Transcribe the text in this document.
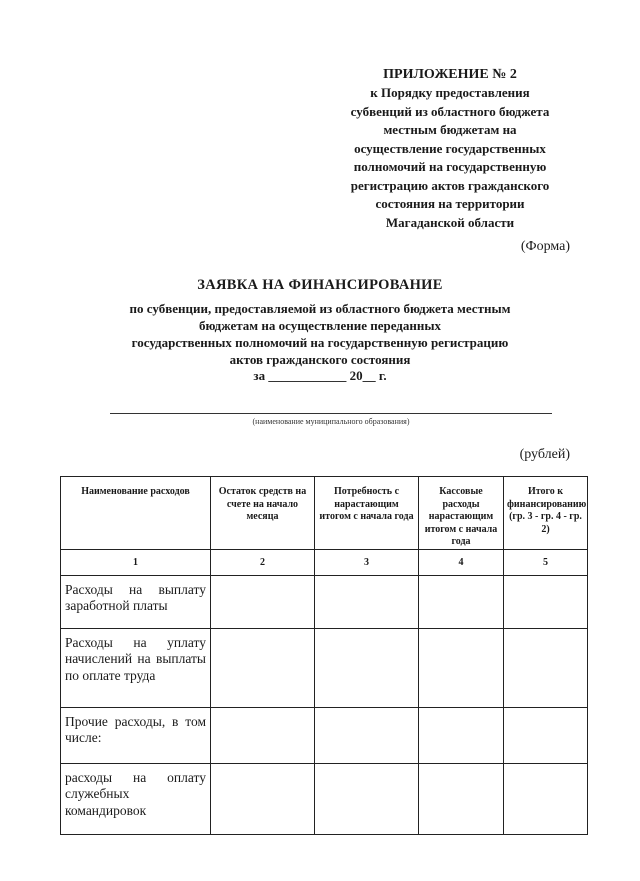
ПРИЛОЖЕНИЕ № 2
к Порядку предоставления
субвенций из областного бюджета
местным бюджетам на
осуществление государственных
полномочий на государственную
регистрацию актов гражданского
состояния на территории
Магаданской области
(Форма)
ЗАЯВКА НА ФИНАНСИРОВАНИЕ
по субвенции, предоставляемой из областного бюджета местным
бюджетам на осуществление переданных
государственных полномочий на государственную регистрацию
актов гражданского состояния
за ____________ 20__ г.
(наименование муниципального образования)
(рублей)
Наименование расходов	Остаток средств на счете на начало месяца	Потребность с нарастающим итогом с начала года	Кассовые расходы нарастающим итогом с начала года	Итого к финансированию (гр. 3 - гр. 4 - гр. 2)
1	2	3	4	5
Расходы на выплату заработной платы				
Расходы на уплату начислений на выплаты по оплате труда				
Прочие расходы, в том числе:				
расходы на оплату служебных командировок				
